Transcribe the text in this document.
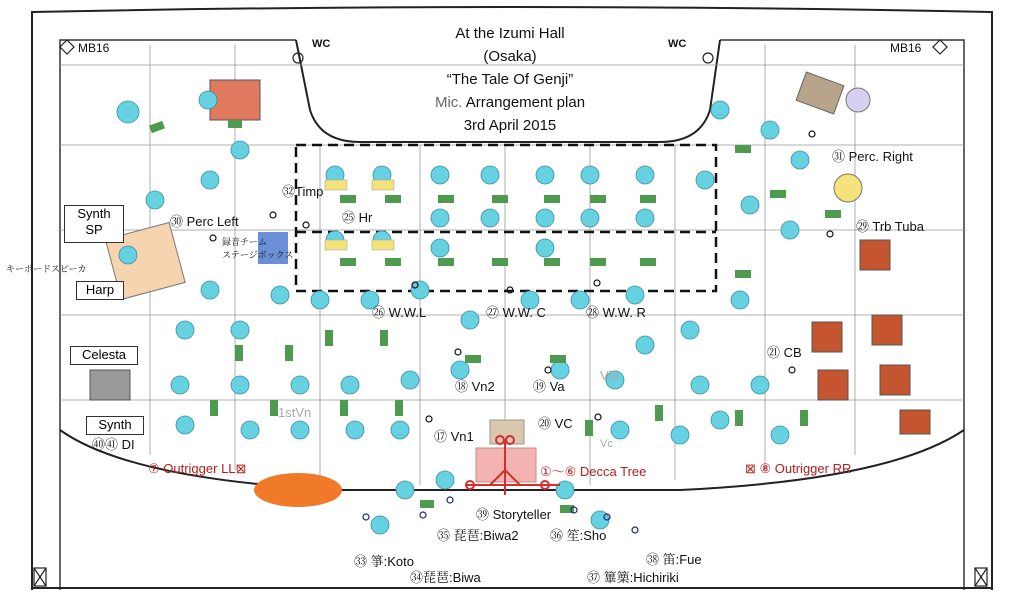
At the Izumi Hall
(Osaka)
“The Tale Of Genji”
Mic. Arrangement plan
3rd April 2015
WC	WC
MB16	MB16
Synth
SP
Harp
Celesta
Synth
録音チーム
ステージボックス
キーボードスピーカ
㉜Timp
㉕ Hr
㉚ Perc Left
㉛ Perc. Right
㉙ Trb Tuba
㉖ W.W.L	㉗ W.W. C	㉘ W.W. R
㉑ CB
⑱ Vn2	⑲ Va
Vla
⑳ VC
Vc
⑰ Vn1
1stVn
㊵㊶ DI
⑦ Outrigger LL⊠	①～⑥ Decca Tree	⊠ ⑧ Outrigger RR
㊴ Storyteller
㉟ 琵琶:Biwa2 ㊱ 笙:Sho
㊳ 笛:Fue
㉝ 箏:Koto
㉞琵琶:Biwa	㊲ 篳篥:Hichiriki
